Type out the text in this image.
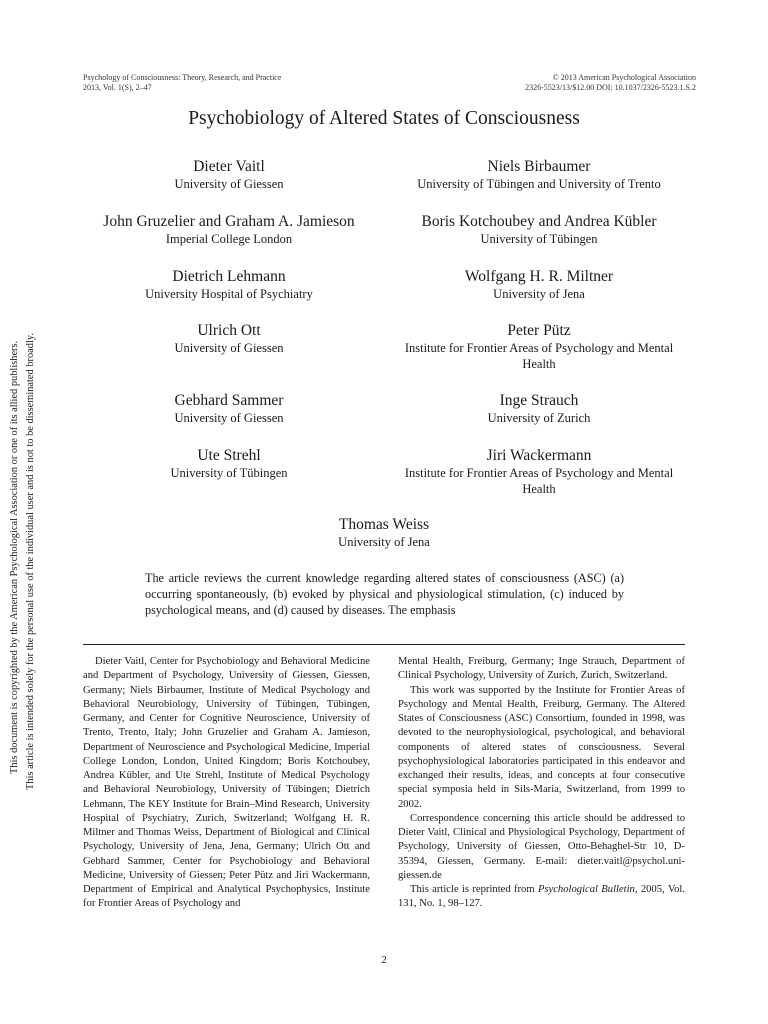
Psychology of Consciousness: Theory, Research, and Practice
2013, Vol. 1(S), 2–47
© 2013 American Psychological Association
2326-5523/13/$12.00 DOI: 10.1037/2326-5523.1.S.2
Psychobiology of Altered States of Consciousness
Dieter Vaitl
University of Giessen
Niels Birbaumer
University of Tübingen and University of Trento
John Gruzelier and Graham A. Jamieson
Imperial College London
Boris Kotchoubey and Andrea Kübler
University of Tübingen
Dietrich Lehmann
University Hospital of Psychiatry
Wolfgang H. R. Miltner
University of Jena
Ulrich Ott
University of Giessen
Peter Pütz
Institute for Frontier Areas of Psychology and Mental Health
Gebhard Sammer
University of Giessen
Inge Strauch
University of Zurich
Ute Strehl
University of Tübingen
Jiri Wackermann
Institute for Frontier Areas of Psychology and Mental Health
Thomas Weiss
University of Jena

The article reviews the current knowledge regarding altered states of consciousness (ASC) (a) occurring spontaneously, (b) evoked by physical and physiological stimulation, (c) induced by psychological means, and (d) caused by diseases. The emphasis

Dieter Vaitl, Center for Psychobiology and Behavioral Medicine and Department of Psychology, University of Giessen, Giessen, Germany; Niels Birbaumer, Institute of Medical Psychology and Behavioral Neurobiology, University of Tübingen, Tübingen, Germany, and Center for Cognitive Neuroscience, University of Trento, Trento, Italy; John Gruzelier and Graham A. Jamieson, Department of Neuroscience and Psychological Medicine, Imperial College London, London, United Kingdom; Boris Kotchoubey, Andrea Kübler, and Ute Strehl, Institute of Medical Psychology and Behavioral Neurobiology, University of Tübingen; Dietrich Lehmann, The KEY Institute for Brain–Mind Research, University Hospital of Psychiatry, Zurich, Switzerland; Wolfgang H. R. Miltner and Thomas Weiss, Department of Biological and Clinical Psychology, University of Jena, Jena, Germany; Ulrich Ott and Gebhard Sammer, Center for Psychobiology and Behavioral Medicine, University of Giessen; Peter Pütz and Jiri Wackermann, Department of Empirical and Analytical Psychophysics, Institute for Frontier Areas of Psychology and

Mental Health, Freiburg, Germany; Inge Strauch, Department of Clinical Psychology, University of Zurich, Zurich, Switzerland.

This work was supported by the Institute for Frontier Areas of Psychology and Mental Health, Freiburg, Germany. The Altered States of Consciousness (ASC) Consortium, founded in 1998, was devoted to the neurophysiological, psychological, and behavioral components of altered states of consciousness. Several psychophysiological laboratories participated in this endeavor and exchanged their results, ideas, and concepts at four consecutive special symposia held in Sils-Maria, Switzerland, from 1999 to 2002.

Correspondence concerning this article should be addressed to Dieter Vaitl, Clinical and Physiological Psychology, Department of Psychology, University of Giessen, Otto-Behaghel-Str 10, D-35394, Giessen, Germany. E-mail: dieter.vaitl@psychol.uni-giessen.de

This article is reprinted from Psychological Bulletin, 2005, Vol. 131, No. 1, 98–127.

2
This document is copyrighted by the American Psychological Association or one of its allied publishers. This article is intended solely for the personal use of the individual user and is not to be disseminated broadly.
